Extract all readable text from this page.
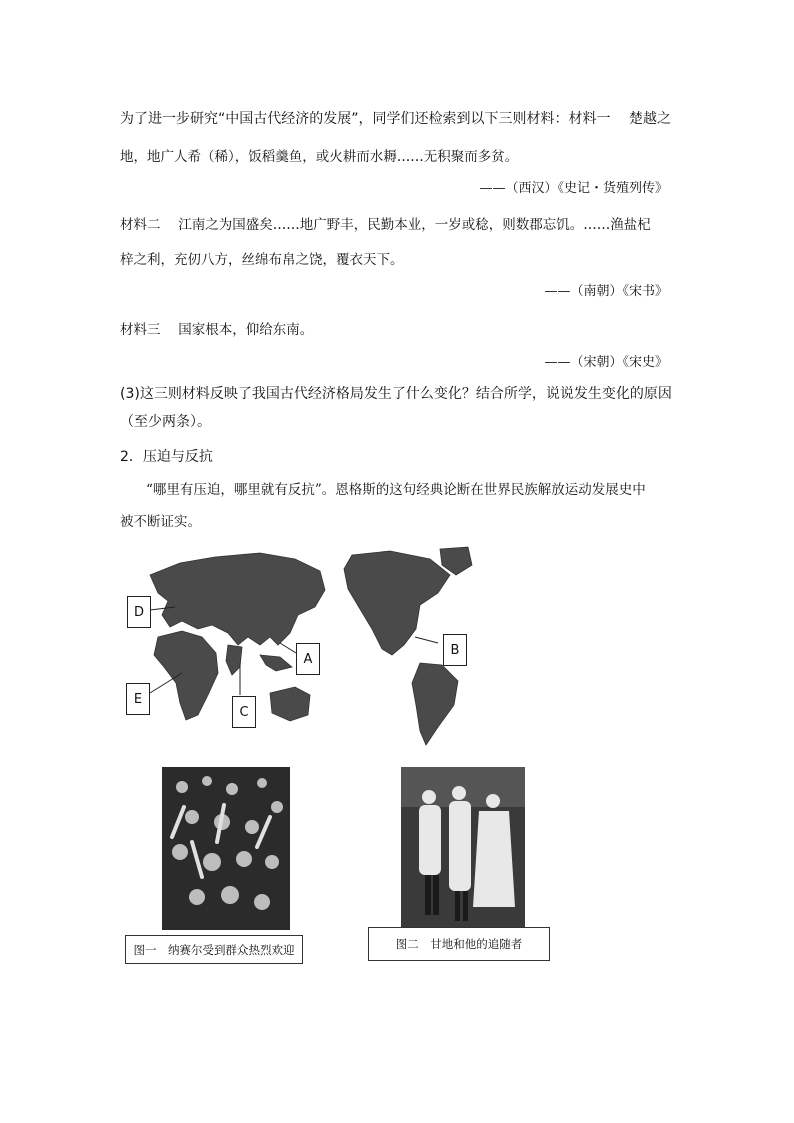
为了进一步研究“中国古代经济的发展”，同学们还检索到以下三则材料：材料一　 楚越之
地，地广人希（稀），饭稻羹鱼，或火耕而水耨……无积聚而多贫。
——（西汉）《史记・货殖列传》
材料二　 江南之为国盛矣……地广野丰，民勤本业，一岁或稔，则数郡忘饥。……渔盐杞
梓之利，充仞八方，丝绵布帛之饶，覆衣天下。
——（南朝）《宋书》
材料三　 国家根本，仰给东南。
——（宋朝）《宋史》
(3)这三则材料反映了我国古代经济格局发生了什么变化？结合所学，说说发生变化的原因
（至少两条）。
2．压迫与反抗
“哪里有压迫，哪里就有反抗”。恩格斯的这句经典论断在世界民族解放运动发展史中
被不断证实。
D
A
B
E
C
图一　纳赛尔受到群众热烈欢迎	图二　甘地和他的追随者
